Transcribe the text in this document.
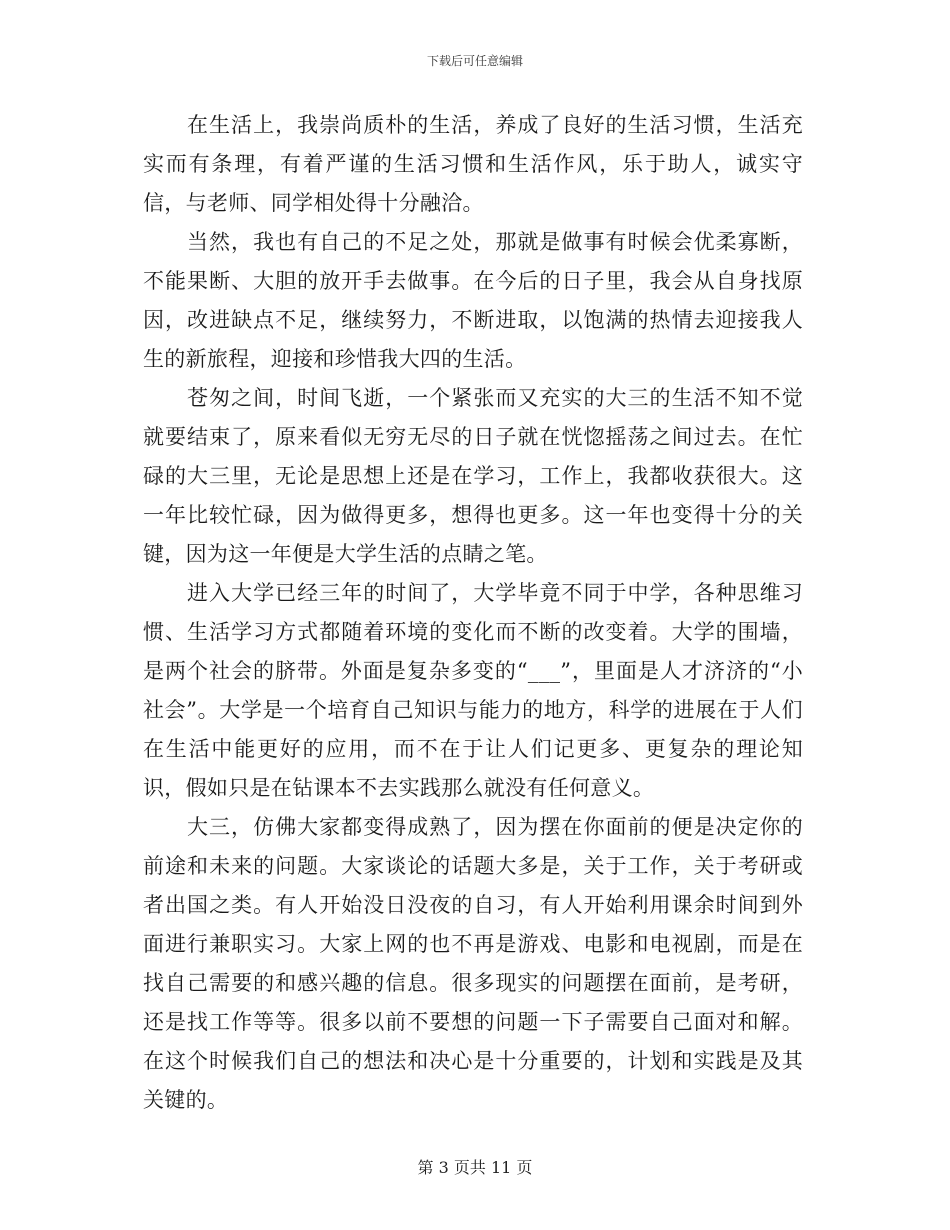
下载后可任意编辑

在生活上，我崇尚质朴的生活，养成了良好的生活习惯，生活充实而有条理，有着严谨的生活习惯和生活作风，乐于助人，诚实守信，与老师、同学相处得十分融洽。

当然，我也有自己的不足之处，那就是做事有时候会优柔寡断，不能果断、大胆的放开手去做事。在今后的日子里，我会从自身找原因，改进缺点不足，继续努力，不断进取，以饱满的热情去迎接我人生的新旅程，迎接和珍惜我大四的生活。

苍匆之间，时间飞逝，一个紧张而又充实的大三的生活不知不觉就要结束了，原来看似无穷无尽的日子就在恍惚摇荡之间过去。在忙碌的大三里，无论是思想上还是在学习，工作上，我都收获很大。这一年比较忙碌，因为做得更多，想得也更多。这一年也变得十分的关键，因为这一年便是大学生活的点睛之笔。

进入大学已经三年的时间了，大学毕竟不同于中学，各种思维习惯、生活学习方式都随着环境的变化而不断的改变着。大学的围墙，是两个社会的脐带。外面是复杂多变的“___”，里面是人才济济的“小社会”。大学是一个培育自己知识与能力的地方，科学的进展在于人们在生活中能更好的应用，而不在于让人们记更多、更复杂的理论知识，假如只是在钻课本不去实践那么就没有任何意义。

大三，仿佛大家都变得成熟了，因为摆在你面前的便是决定你的前途和未来的问题。大家谈论的话题大多是，关于工作，关于考研或者出国之类。有人开始没日没夜的自习，有人开始利用课余时间到外面进行兼职实习。大家上网的也不再是游戏、电影和电视剧，而是在找自己需要的和感兴趣的信息。很多现实的问题摆在面前，是考研，还是找工作等等。很多以前不要想的问题一下子需要自己面对和解。在这个时候我们自己的想法和决心是十分重要的，计划和实践是及其关键的。

第 3 页共 11 页
